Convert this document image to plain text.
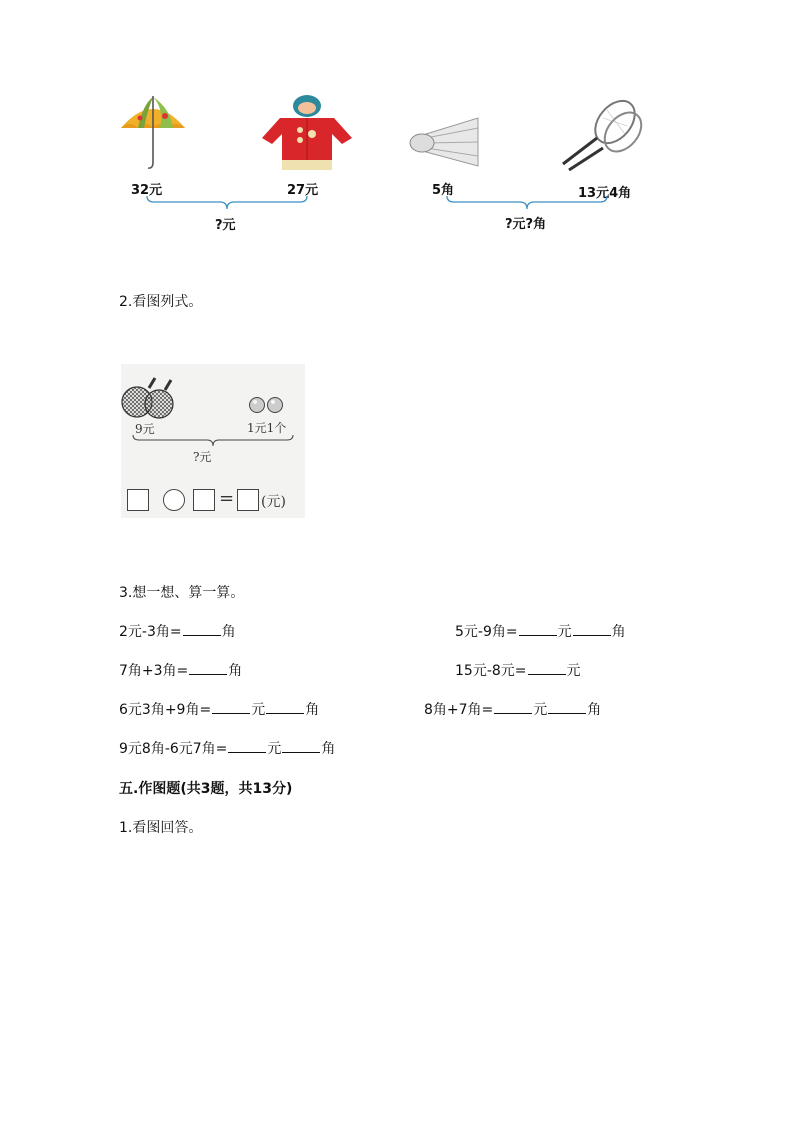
32元	27元	5角	13元4角
?元	?元?角
2.看图列式。
9元	1元1个
?元
= (元)
3.想一想、算一算。
2元-3角=	角	5元-9角=	元	角
7角+3角=	角	15元-8元=	元
6元3角+9角=	元	角	8角+7角=	元	角
9元8角-6元7角=	元	角
五.作图题(共3题，共13分)
1.看图回答。
